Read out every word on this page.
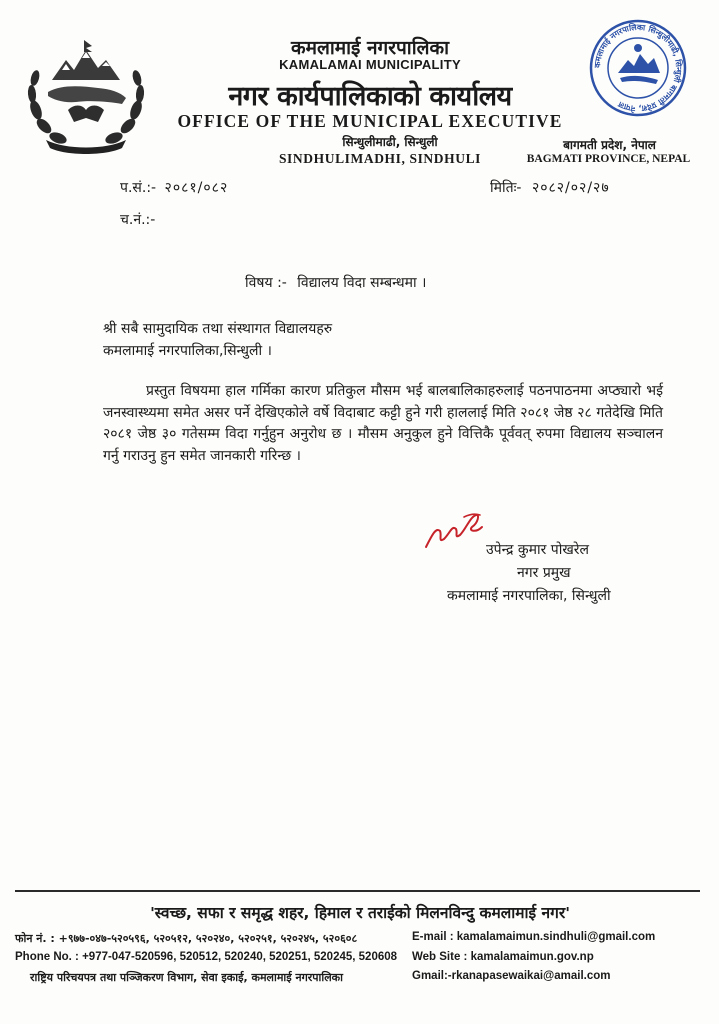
कमलामाई नगरपालिका
KAMALAMAI MUNICIPALITY
नगर कार्यपालिकाको कार्यालय
OFFICE OF THE MUNICIPAL EXECUTIVE
सिन्धुलीमाढी, सिन्धुली
SINDHULIMADHI, SINDHULI
कमलामाई नगरपालिका सिन्धुलीमाढी, सिन्धुली बागमती प्रदेश, नेपाल
बागमती प्रदेश, नेपाल
BAGMATI PROVINCE, NEPAL
प.सं.:- २०८१/०८२
च.नं.:-
मितिः- २०८२/०२/२७
विषय :- विद्यालय विदा सम्बन्धमा ।
श्री सबै सामुदायिक तथा संस्थागत विद्यालयहरु
कमलामाई नगरपालिका,सिन्धुली ।
प्रस्तुत विषयमा हाल गर्मिका कारण प्रतिकुल मौसम भई बालबालिकाहरुलाई पठनपाठनमा अप्ठ्यारो भई जनस्वास्थ्यमा समेत असर पर्ने देखिएकोले वर्षे विदाबाट कट्टी हुने गरी हाललाई मिति २०८१ जेष्ठ २८ गतेदेखि मिति २०८१ जेष्ठ ३० गतेसम्म विदा गर्नुहुन अनुरोध छ । मौसम अनुकुल हुने वित्तिकै पूर्ववत् रुपमा विद्यालय सञ्चालन गर्नु गराउनु हुन समेत जानकारी गरिन्छ ।
उपेन्द्र कुमार पोखरेल
नगर प्रमुख
कमलामाई नगरपालिका, सिन्धुली
'स्वच्छ, सफा र समृद्ध शहर, हिमाल र तराईको मिलनविन्दु कमलामाई नगर'
फोन नं. : +९७७-०४७-५२०५९६, ५२०५१२, ५२०२४०, ५२०२५१, ५२०२४५, ५२०६०८
Phone No. : +977-047-520596, 520512, 520240, 520251, 520245, 520608
राष्ट्रिय परिचयपत्र तथा पञ्जिकरण विभाग, सेवा इकाई, कमलामाई नगरपालिका
E-mail : kamalamaimun.sindhuli@gmail.com
Web Site : kamalamaimun.gov.np
Gmail:-rkanapasewaikai@amail.com
